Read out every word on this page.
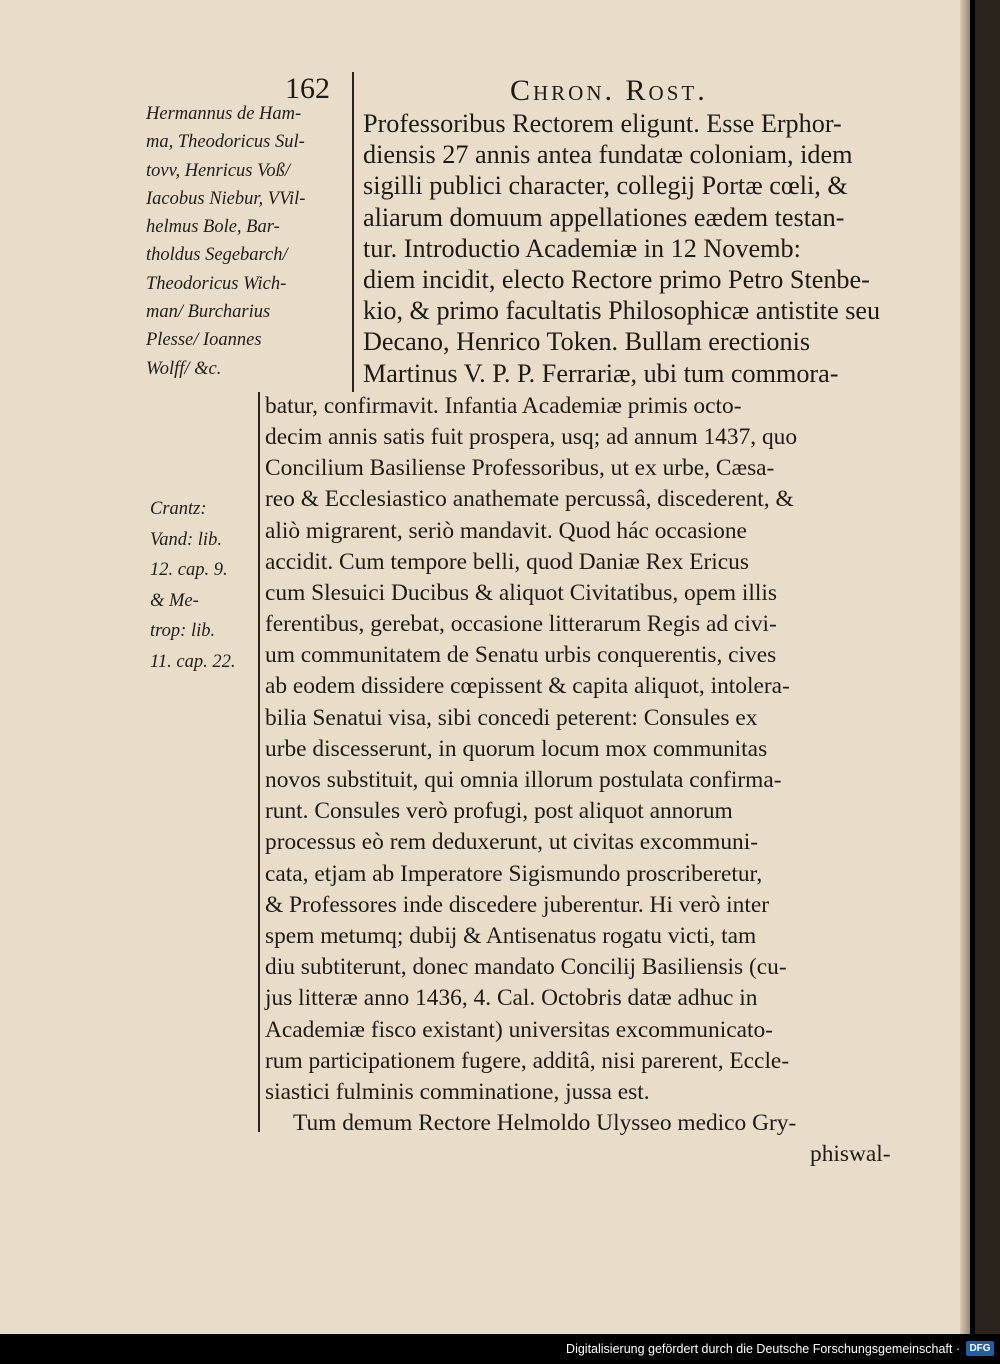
162	Chron. Rost.
Hermannus de Ham-
ma, Theodoricus Sul-
tovv, Henricus Voß/
Iacobus Niebur, VVil-
helmus Bole, Bar-
tholdus Segebarch/
Theodoricus Wich-
man/ Burcharius
Plesse/ Ioannes
Wolff/ &c.
Crantz:
Vand: lib.
12. cap. 9.
& Me-
trop: lib.
11. cap. 22.
Professoribus Rectorem eligunt. Esse Erphor-
diensis 27 annis antea fundatæ coloniam, idem
sigilli publici character, collegij Portæ cœli, &
aliarum domuum appellationes eædem testan-
tur. Introductio Academiæ in 12 Novemb:
diem incidit, electo Rectore primo Petro Stenbe-
kio, & primo facultatis Philosophicæ antistite seu
Decano, Henrico Token. Bullam erectionis
Martinus V. P. P. Ferrariæ, ubi tum commora-
batur, confirmavit. Infantia Academiæ primis octo-
decim annis satis fuit prospera, usq; ad annum 1437, quo
Concilium Basiliense Professoribus, ut ex urbe, Cæsa-
reo & Ecclesiastico anathemate percussâ, discederent, &
aliò migrarent, seriò mandavit. Quod hác occasione
accidit. Cum tempore belli, quod Daniæ Rex Ericus
cum Slesuici Ducibus & aliquot Civitatibus, opem illis
ferentibus, gerebat, occasione litterarum Regis ad civi-
um communitatem de Senatu urbis conquerentis, cives
ab eodem dissidere cœpissent & capita aliquot, intolera-
bilia Senatui visa, sibi concedi peterent: Consules ex
urbe discesserunt, in quorum locum mox communitas
novos substituit, qui omnia illorum postulata confirma-
runt. Consules verò profugi, post aliquot annorum
processus eò rem deduxerunt, ut civitas excommuni-
cata, etjam ab Imperatore Sigismundo proscriberetur,
& Professores inde discedere juberentur. Hi verò inter
spem metumq; dubij & Antisenatus rogatu victi, tam
diu subtiterunt, donec mandato Concilij Basiliensis (cu-
jus litteræ anno 1436, 4. Cal. Octobris datæ adhuc in
Academiæ fisco existant) universitas excommunicato-
rum participationem fugere, additâ, nisi parerent, Eccle-
siastici fulminis comminatione, jussa est.
Tum demum Rectore Helmoldo Ulysseo medico Gry-
phiswal-
Digitalisierung gefördert durch die Deutsche Forschungsgemeinschaft · DFG
